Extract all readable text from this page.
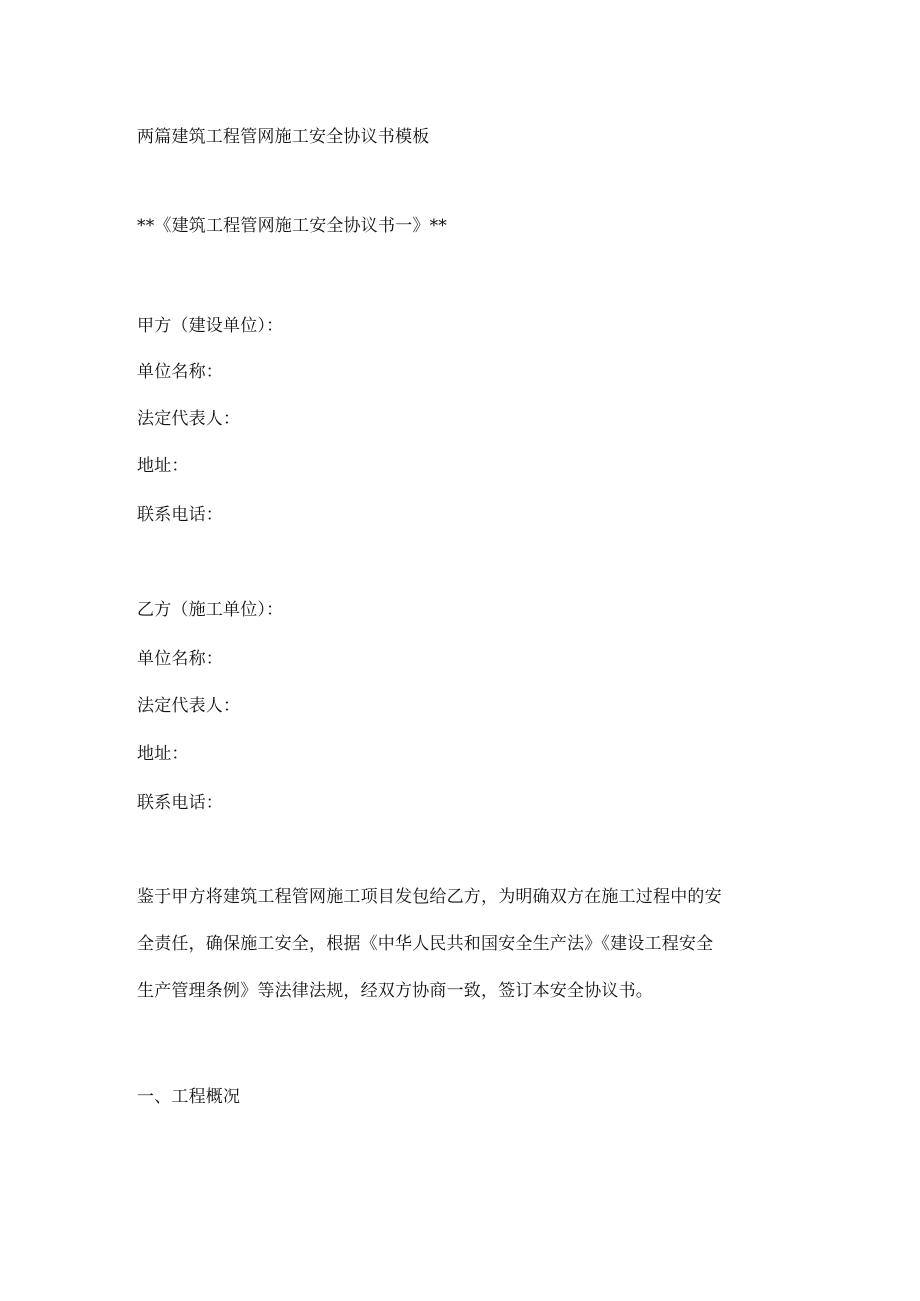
两篇建筑工程管网施工安全协议书模板
**《建筑工程管网施工安全协议书一》**
甲方（建设单位）：
单位名称：
法定代表人：
地址：
联系电话：
乙方（施工单位）：
单位名称：
法定代表人：
地址：
联系电话：
鉴于甲方将建筑工程管网施工项目发包给乙方，为明确双方在施工过程中的安
全责任，确保施工安全，根据《中华人民共和国安全生产法》《建设工程安全
生产管理条例》等法律法规，经双方协商一致，签订本安全协议书。
一、工程概况
